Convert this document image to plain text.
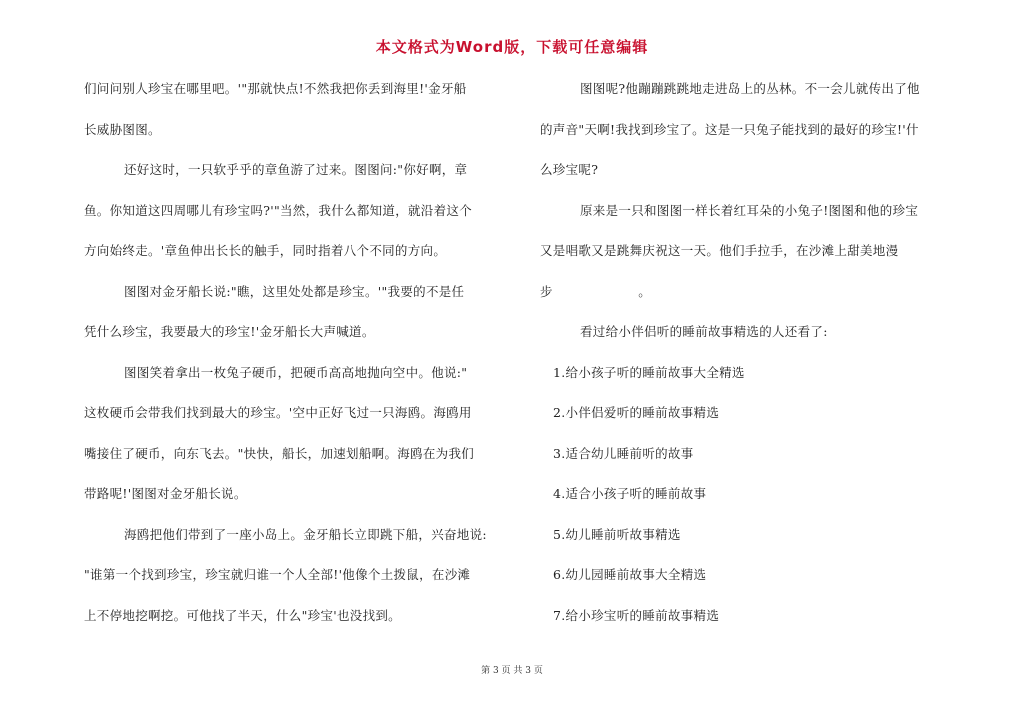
本文格式为Word版，下载可任意编辑
们问问别人珍宝在哪里吧。'"那就快点!不然我把你丢到海里!'金牙船
长威胁图图。
还好这时，一只软乎乎的章鱼游了过来。图图问:"你好啊，章
鱼。你知道这四周哪儿有珍宝吗?'"当然，我什么都知道，就沿着这个
方向始终走。'章鱼伸出长长的触手，同时指着八个不同的方向。
图图对金牙船长说:"瞧，这里处处都是珍宝。'"我要的不是任
凭什么珍宝，我要最大的珍宝!'金牙船长大声喊道。
图图笑着拿出一枚兔子硬币，把硬币高高地抛向空中。他说:"
这枚硬币会带我们找到最大的珍宝。'空中正好飞过一只海鸥。海鸥用
嘴接住了硬币，向东飞去。"快快，船长，加速划船啊。海鸥在为我们
带路呢!'图图对金牙船长说。
海鸥把他们带到了一座小岛上。金牙船长立即跳下船，兴奋地说:
"谁第一个找到珍宝，珍宝就归谁一个人全部!'他像个土拨鼠，在沙滩
上不停地挖啊挖。可他找了半天，什么"珍宝'也没找到。
图图呢?他蹦蹦跳跳地走进岛上的丛林。不一会儿就传出了他
的声音"天啊!我找到珍宝了。这是一只兔子能找到的最好的珍宝!'什
么珍宝呢?
原来是一只和图图一样长着红耳朵的小兔子!图图和他的珍宝
又是唱歌又是跳舞庆祝这一天。他们手拉手，在沙滩上甜美地漫
步                    。
看过给小伴侣听的睡前故事精选的人还看了:
1.给小孩子听的睡前故事大全精选
2.小伴侣爱听的睡前故事精选
3.适合幼儿睡前听的故事
4.适合小孩子听的睡前故事
5.幼儿睡前听故事精选
6.幼儿园睡前故事大全精选
7.给小珍宝听的睡前故事精选
第 3 页 共 3 页
